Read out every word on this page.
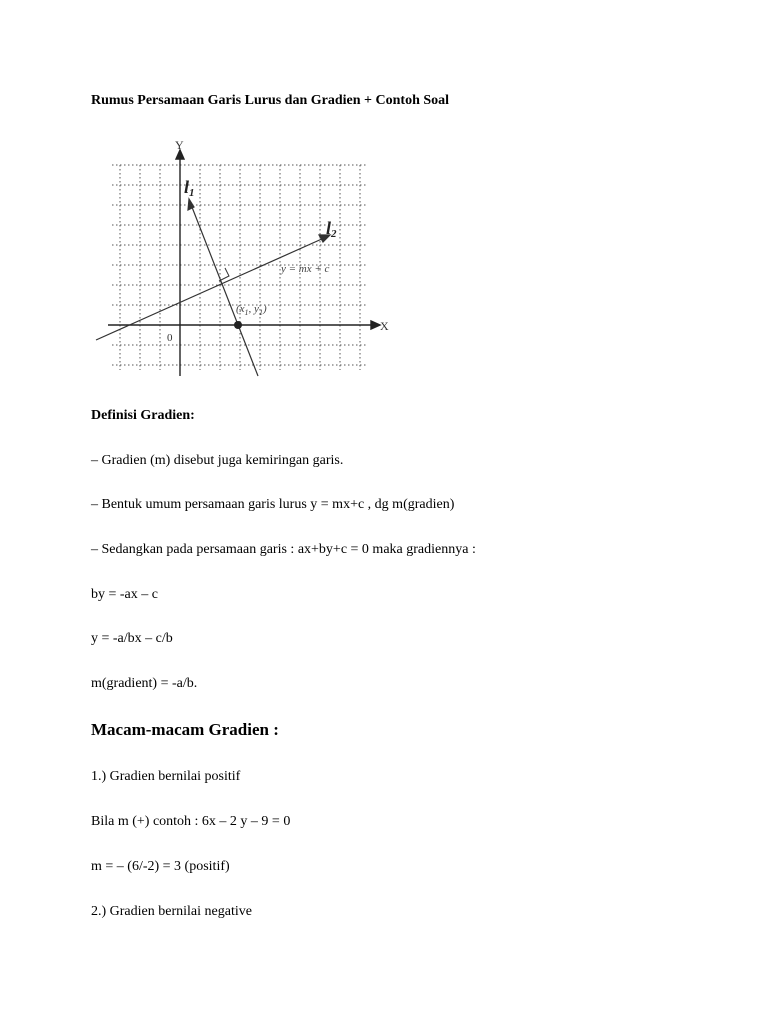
Rumus Persamaan Garis Lurus dan Gradien + Contoh Soal
Y
X
0
l1
l2
y = mx + c
($x_1$, $y_1$)
Definisi Gradien:
– Gradien (m) disebut juga kemiringan garis.
– Bentuk umum persamaan garis lurus y = mx+c , dg m(gradien)
– Sedangkan pada persamaan garis : ax+by+c = 0 maka gradiennya :
by = -ax – c
y = -a/bx – c/b
m(gradient) = -a/b.
Macam-macam Gradien :
1.) Gradien bernilai positif
Bila m (+) contoh : 6x – 2 y – 9 = 0
m = – (6/-2) = 3 (positif)
2.) Gradien bernilai negative
